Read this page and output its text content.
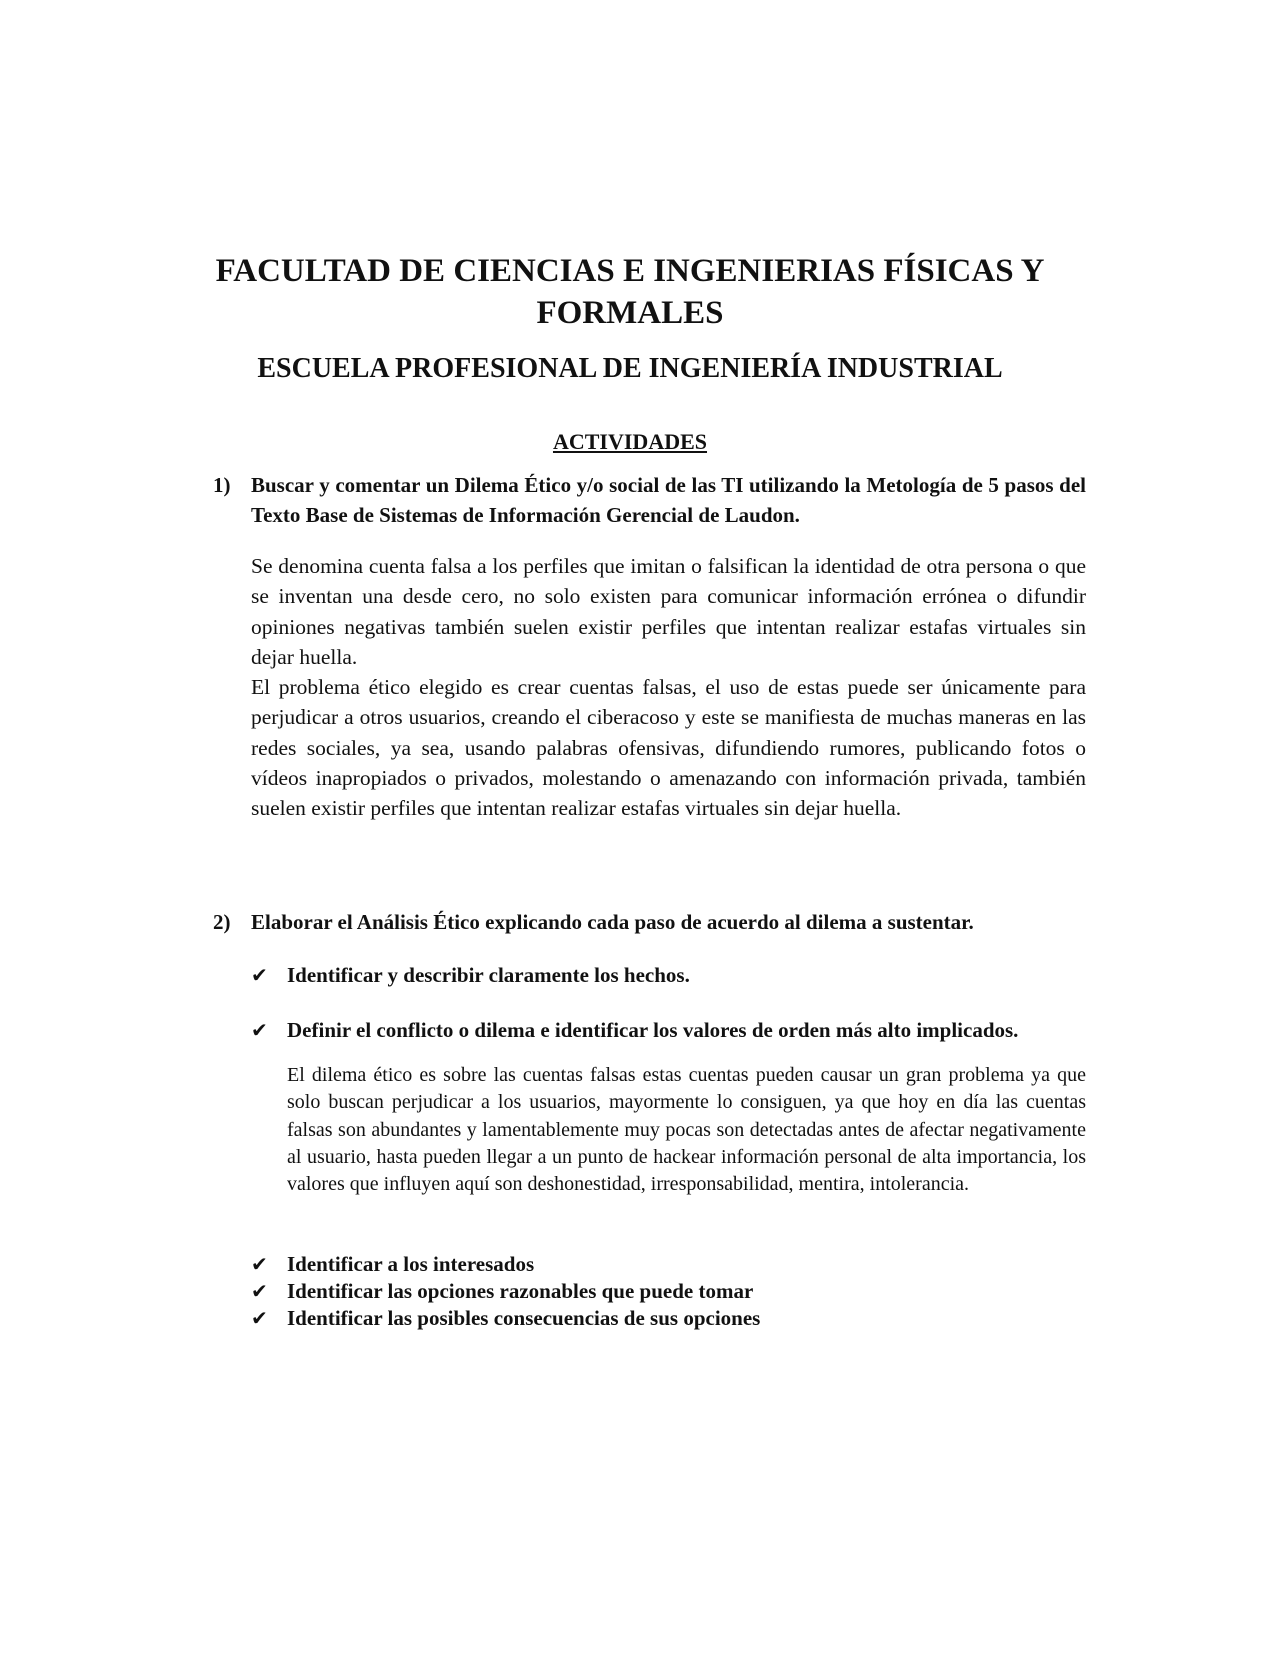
FACULTAD DE CIENCIAS E INGENIERIAS FÍSICAS Y FORMALES
ESCUELA PROFESIONAL DE INGENIERÍA INDUSTRIAL
ACTIVIDADES
1) Buscar y comentar un Dilema Ético y/o social de las TI utilizando la Metología de 5 pasos del Texto Base de Sistemas de Información Gerencial de Laudon.

Se denomina cuenta falsa a los perfiles que imitan o falsifican la identidad de otra persona o que se inventan una desde cero, no solo existen para comunicar información errónea o difundir opiniones negativas también suelen existir perfiles que intentan realizar estafas virtuales sin dejar huella.

El problema ético elegido es crear cuentas falsas, el uso de estas puede ser únicamente para perjudicar a otros usuarios, creando el ciberacoso y este se manifiesta de muchas maneras en las redes sociales, ya sea, usando palabras ofensivas, difundiendo rumores, publicando fotos o vídeos inapropiados o privados, molestando o amenazando con información privada, también suelen existir perfiles que intentan realizar estafas virtuales sin dejar huella.

2) Elaborar el Análisis Ético explicando cada paso de acuerdo al dilema a sustentar.
✔ Identificar y describir claramente los hechos.
✔ Definir el conflicto o dilema e identificar los valores de orden más alto implicados.

El dilema ético es sobre las cuentas falsas estas cuentas pueden causar un gran problema ya que solo buscan perjudicar a los usuarios, mayormente lo consiguen, ya que hoy en día las cuentas falsas son abundantes y lamentablemente muy pocas son detectadas antes de afectar negativamente al usuario, hasta pueden llegar a un punto de hackear información personal de alta importancia, los valores que influyen aquí son deshonestidad, irresponsabilidad, mentira, intolerancia.

✔ Identificar a los interesados
✔ Identificar las opciones razonables que puede tomar
✔ Identificar las posibles consecuencias de sus opciones
